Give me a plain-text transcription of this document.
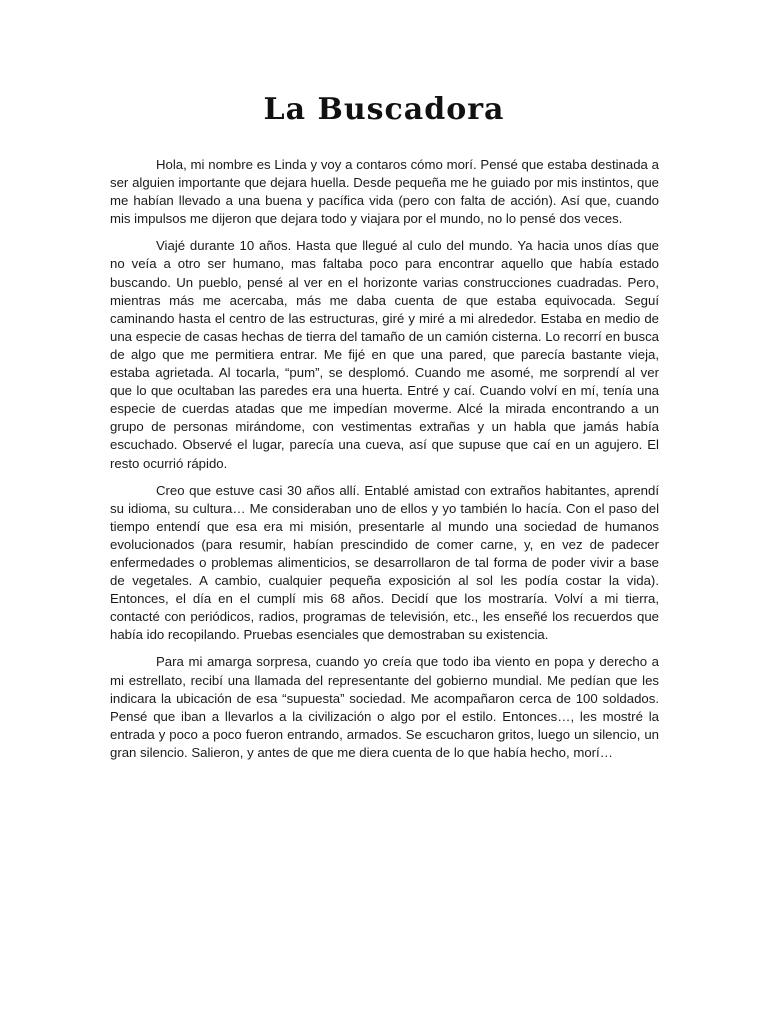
La Buscadora

Hola, mi nombre es Linda y voy a contaros cómo morí. Pensé que estaba destinada a ser alguien importante que dejara huella. Desde pequeña me he guiado por mis instintos, que me habían llevado a una buena y pacífica vida (pero con falta de acción). Así que, cuando mis impulsos me dijeron que dejara todo y viajara por el mundo, no lo pensé dos veces.

Viajé durante 10 años. Hasta que llegué al culo del mundo. Ya hacia unos días que no veía a otro ser humano, mas faltaba poco para encontrar aquello que había estado buscando. Un pueblo, pensé al ver en el horizonte varias construcciones cuadradas. Pero, mientras más me acercaba, más me daba cuenta de que estaba equivocada. Seguí caminando hasta el centro de las estructuras, giré y miré a mi alrededor. Estaba en medio de una especie de casas hechas de tierra del tamaño de un camión cisterna. Lo recorrí en busca de algo que me permitiera entrar. Me fijé en que una pared, que parecía bastante vieja, estaba agrietada. Al tocarla, “pum”, se desplomó. Cuando me asomé, me sorprendí al ver que lo que ocultaban las paredes era una huerta. Entré y caí. Cuando volví en mí, tenía una especie de cuerdas atadas que me impedían moverme. Alcé la mirada encontrando a un grupo de personas mirándome, con vestimentas extrañas y un habla que jamás había escuchado. Observé el lugar, parecía una cueva, así que supuse que caí en un agujero. El resto ocurrió rápido.

Creo que estuve casi 30 años allí. Entablé amistad con extraños habitantes, aprendí su idioma, su cultura… Me consideraban uno de ellos y yo también lo hacía. Con el paso del tiempo entendí que esa era mi misión, presentarle al mundo una sociedad de humanos evolucionados (para resumir, habían prescindido de comer carne, y, en vez de padecer enfermedades o problemas alimenticios, se desarrollaron de tal forma de poder vivir a base de vegetales. A cambio, cualquier pequeña exposición al sol les podía costar la vida). Entonces, el día en el cumplí mis 68 años. Decidí que los mostraría. Volví a mi tierra, contacté con periódicos, radios, programas de televisión, etc., les enseñé los recuerdos que había ido recopilando. Pruebas esenciales que demostraban su existencia.

Para mi amarga sorpresa, cuando yo creía que todo iba viento en popa y derecho a mi estrellato, recibí una llamada del representante del gobierno mundial. Me pedían que les indicara la ubicación de esa “supuesta” sociedad. Me acompañaron cerca de 100 soldados. Pensé que iban a llevarlos a la civilización o algo por el estilo. Entonces…, les mostré la entrada y poco a poco fueron entrando, armados. Se escucharon gritos, luego un silencio, un gran silencio. Salieron, y antes de que me diera cuenta de lo que había hecho, morí…
